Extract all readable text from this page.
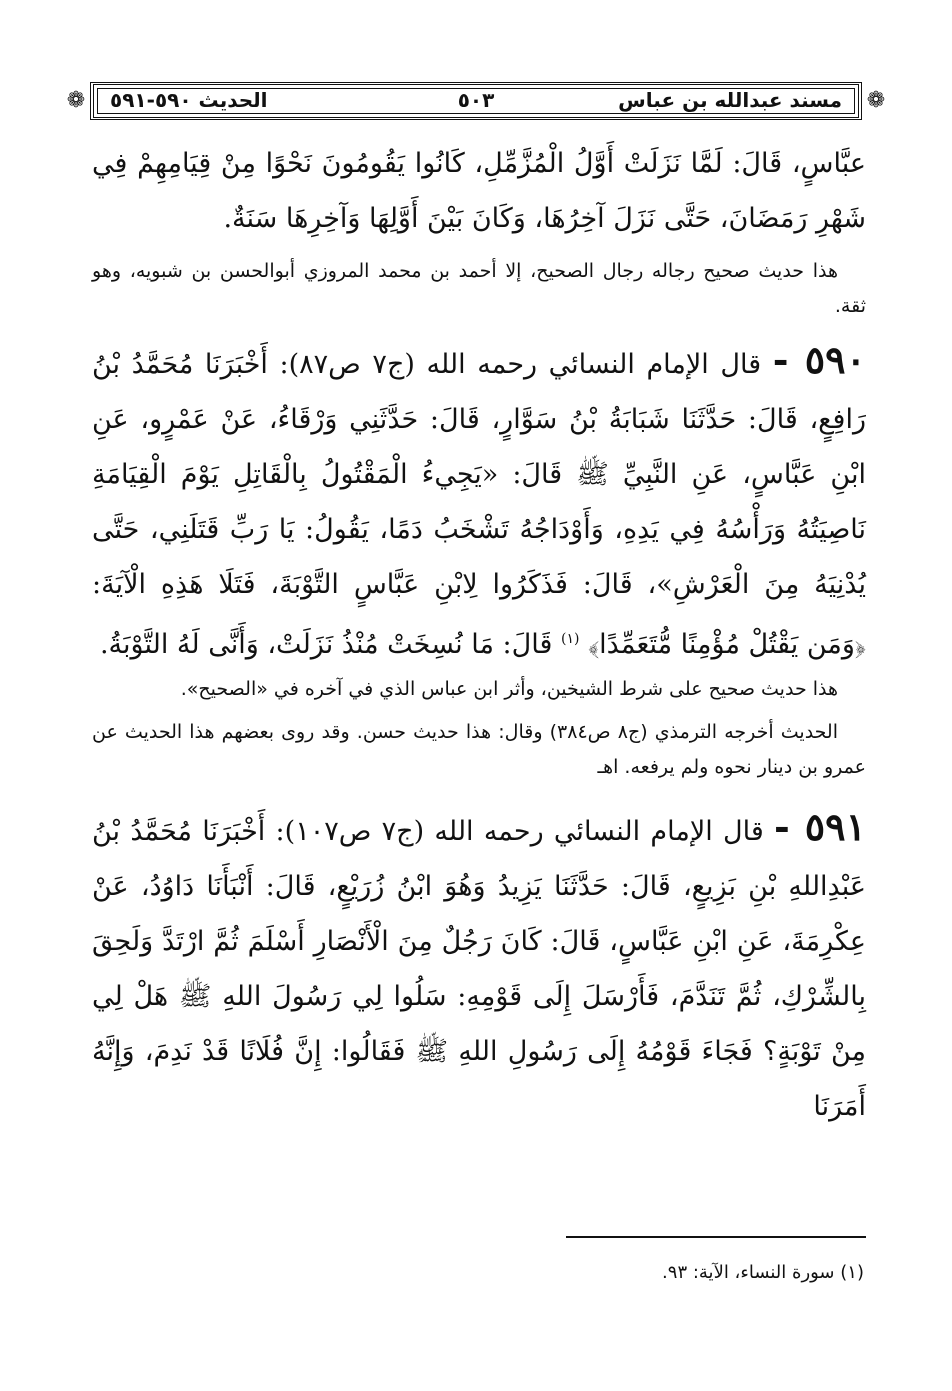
❁
مسند عبدالله بن عباس
٥٠٣
الحديث ٥٩٠-٥٩١
❁

عبَّاسٍ، قَالَ: لَمَّا نَزَلَتْ أَوَّلُ الْمُزَّمِّلِ، كَانُوا يَقُومُونَ نَحْوًا مِنْ قِيَامِهِمْ فِي شَهْرِ رَمَضَانَ، حَتَّى نَزَلَ آخِرُهَا، وَكَانَ بَيْنَ أَوَّلِهَا وَآخِرِهَا سَنَةٌ.

هذا حديث صحيح رجاله رجال الصحيح، إلا أحمد بن محمد المروزي أبوالحسن بن شبويه، وهو ثقة.

٥٩٠ - قال الإمام النسائي رحمه الله (ج٧ ص٨٧): أَخْبَرَنَا مُحَمَّدُ بْنُ رَافِعٍ، قَالَ: حَدَّثَنَا شَبَابَةُ بْنُ سَوَّارٍ، قَالَ: حَدَّثَنِي وَرْقَاءُ، عَنْ عَمْرٍو، عَنِ ابْنِ عَبَّاسٍ، عَنِ النَّبِيِّ ﷺ قَالَ: «يَجِيءُ الْمَقْتُولُ بِالْقَاتِلِ يَوْمَ الْقِيَامَةِ نَاصِيَتُهُ وَرَأْسُهُ فِي يَدِهِ، وَأَوْدَاجُهُ تَشْخَبُ دَمًا، يَقُولُ: يَا رَبِّ قَتَلَنِي، حَتَّى يُدْنِيَهُ مِنَ الْعَرْشِ»، قَالَ: فَذَكَرُوا لِابْنِ عَبَّاسٍ التَّوْبَةَ، فَتَلَا هَذِهِ الْآيَةَ: ﴿وَمَن يَقْتُلْ مُؤْمِنًا مُّتَعَمِّدًا﴾ $^{(١)}$ قَالَ: مَا نُسِخَتْ مُنْذُ نَزَلَتْ، وَأَنَّى لَهُ التَّوْبَةُ.

هذا حديث صحيح على شرط الشيخين، وأثر ابن عباس الذي في آخره في «الصحيح».

الحديث أخرجه الترمذي (ج٨ ص٣٨٤) وقال: هذا حديث حسن. وقد روى بعضهم هذا الحديث عن عمرو بن دينار نحوه ولم يرفعه. اهـ

٥٩١ - قال الإمام النسائي رحمه الله (ج٧ ص١٠٧): أَخْبَرَنَا مُحَمَّدُ بْنُ عَبْدِاللهِ بْنِ بَزِيعٍ، قَالَ: حَدَّثَنَا يَزِيدُ وَهُوَ ابْنُ زُرَيْعٍ، قَالَ: أَنْبَأَنَا دَاوُدُ، عَنْ عِكْرِمَةَ، عَنِ ابْنِ عَبَّاسٍ، قَالَ: كَانَ رَجُلٌ مِنَ الْأَنْصَارِ أَسْلَمَ ثُمَّ ارْتَدَّ وَلَحِقَ بِالشِّرْكِ، ثُمَّ تَنَدَّمَ، فَأَرْسَلَ إِلَى قَوْمِهِ: سَلُوا لِي رَسُولَ اللهِ ﷺ هَلْ لِي مِنْ تَوْبَةٍ؟ فَجَاءَ قَوْمُهُ إِلَى رَسُولِ اللهِ ﷺ فَقَالُوا: إِنَّ فُلَانًا قَدْ نَدِمَ، وَإِنَّهُ أَمَرَنَا

(١) سورة النساء، الآية: ٩٣.
